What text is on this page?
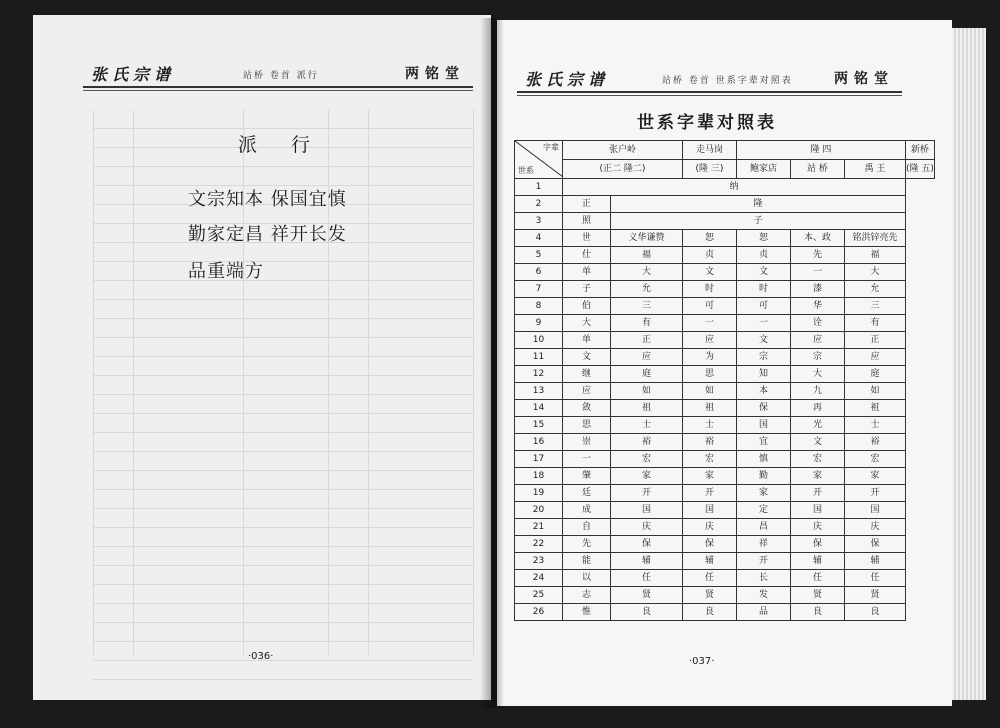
张氏宗谱	站桥 卷首 派行	两铭堂
派行
文宗知本 保国宜慎
勤家定昌 祥开长发
品重端方
·036·
张氏宗谱	站桥 卷首 世系字辈对照表	两铭堂
世系字辈对照表
字辈
世系	张户岭		走马岗	隆 四			新桥
	(正二 隆二)		(隆 三)	鲍家店	站 桥	禹 王	(隆 五)
1	纳						
2	正	隆					
3	照	子					
4	世	义华谦赞	恕	恕	本、政	铭洪锌亮先	
5	仕	福	贞	贞	先	福	
6	单	大	文	文	一	大	
7	子	允	时	时	漆	允	
8	伯	三	可	可	华	三	
9	大	有	一	一	诠	有	
10	单	正	应	文	应	正	
11	文	应	为	宗	宗	应	
12	继	庭	思	知	大	庭	
13	应	如	如	本	九	如	
14	敛	祖	祖	保	再	祖	
15	思	士	士	国	光	士	
16	崇	裕	裕	宜	文	裕	
17	一	宏	宏	慎	宏	宏	
18	肇	家	家	勤	家	家	
19	廷	开	开	家	开	开	
20	成	国	国	定	国	国	
21	自	庆	庆	昌	庆	庆	
22	先	保	保	祥	保	保	
23	能	辅	辅	开	辅	辅	
24	以	任	任	长	任	任	
25	志	贤	贤	发	贤	贤	
26	惟	良	良	品	良	良	
·037·
